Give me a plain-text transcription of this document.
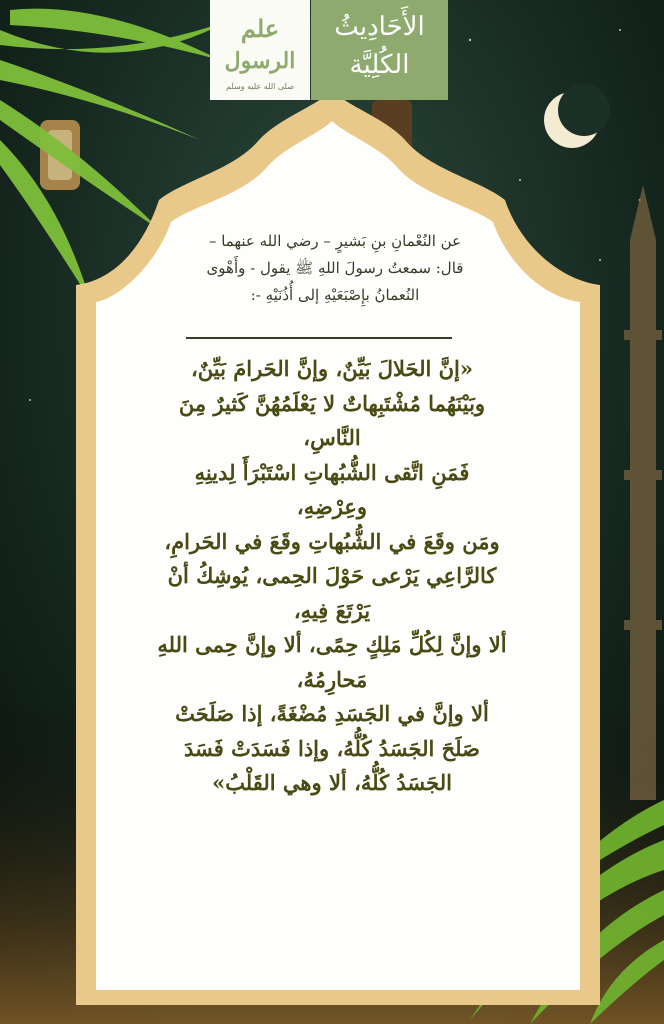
علم
الرسول
صلى الله عليه وسلم
الأَحَادِيثُ
الكُلِيَّة
عن النُعْمانِ بنِ بَشيرٍ – رضي الله عنهما –
قال: سمعتُ رسولَ اللهِ ﷺ يقول - وأَهْوى
النُعمانُ بإِصْبَعَيْهِ إلى أُذُنَيْهِ -:
«إنَّ الحَلالَ بَيِّنٌ، وإنَّ الحَرامَ بَيِّنٌ،
وبَيْنَهُما مُشْتَبِهاتٌ لا يَعْلَمُهُنَّ كَثيرٌ مِنَ
النَّاسِ،
فَمَنِ اتَّقى الشُّبُهاتِ اسْتَبْرَأَ لِدينِهِ
وعِرْضِهِ،
ومَن وقَعَ في الشُّبُهاتِ وقَعَ في الحَرامِ،
كالرَّاعِي يَرْعى حَوْلَ الحِمى، يُوشِكُ أنْ
يَرْتَعَ فِيهِ،
ألا وإنَّ لِكُلِّ مَلِكٍ حِمًى، ألا وإنَّ حِمى اللهِ
مَحارِمُهُ،
ألا وإنَّ في الجَسَدِ مُضْغَةً، إذا صَلَحَتْ
صَلَحَ الجَسَدُ كُلُّهُ، وإذا فَسَدَتْ فَسَدَ
الجَسَدُ كُلُّهُ، ألا وهي القَلْبُ»
